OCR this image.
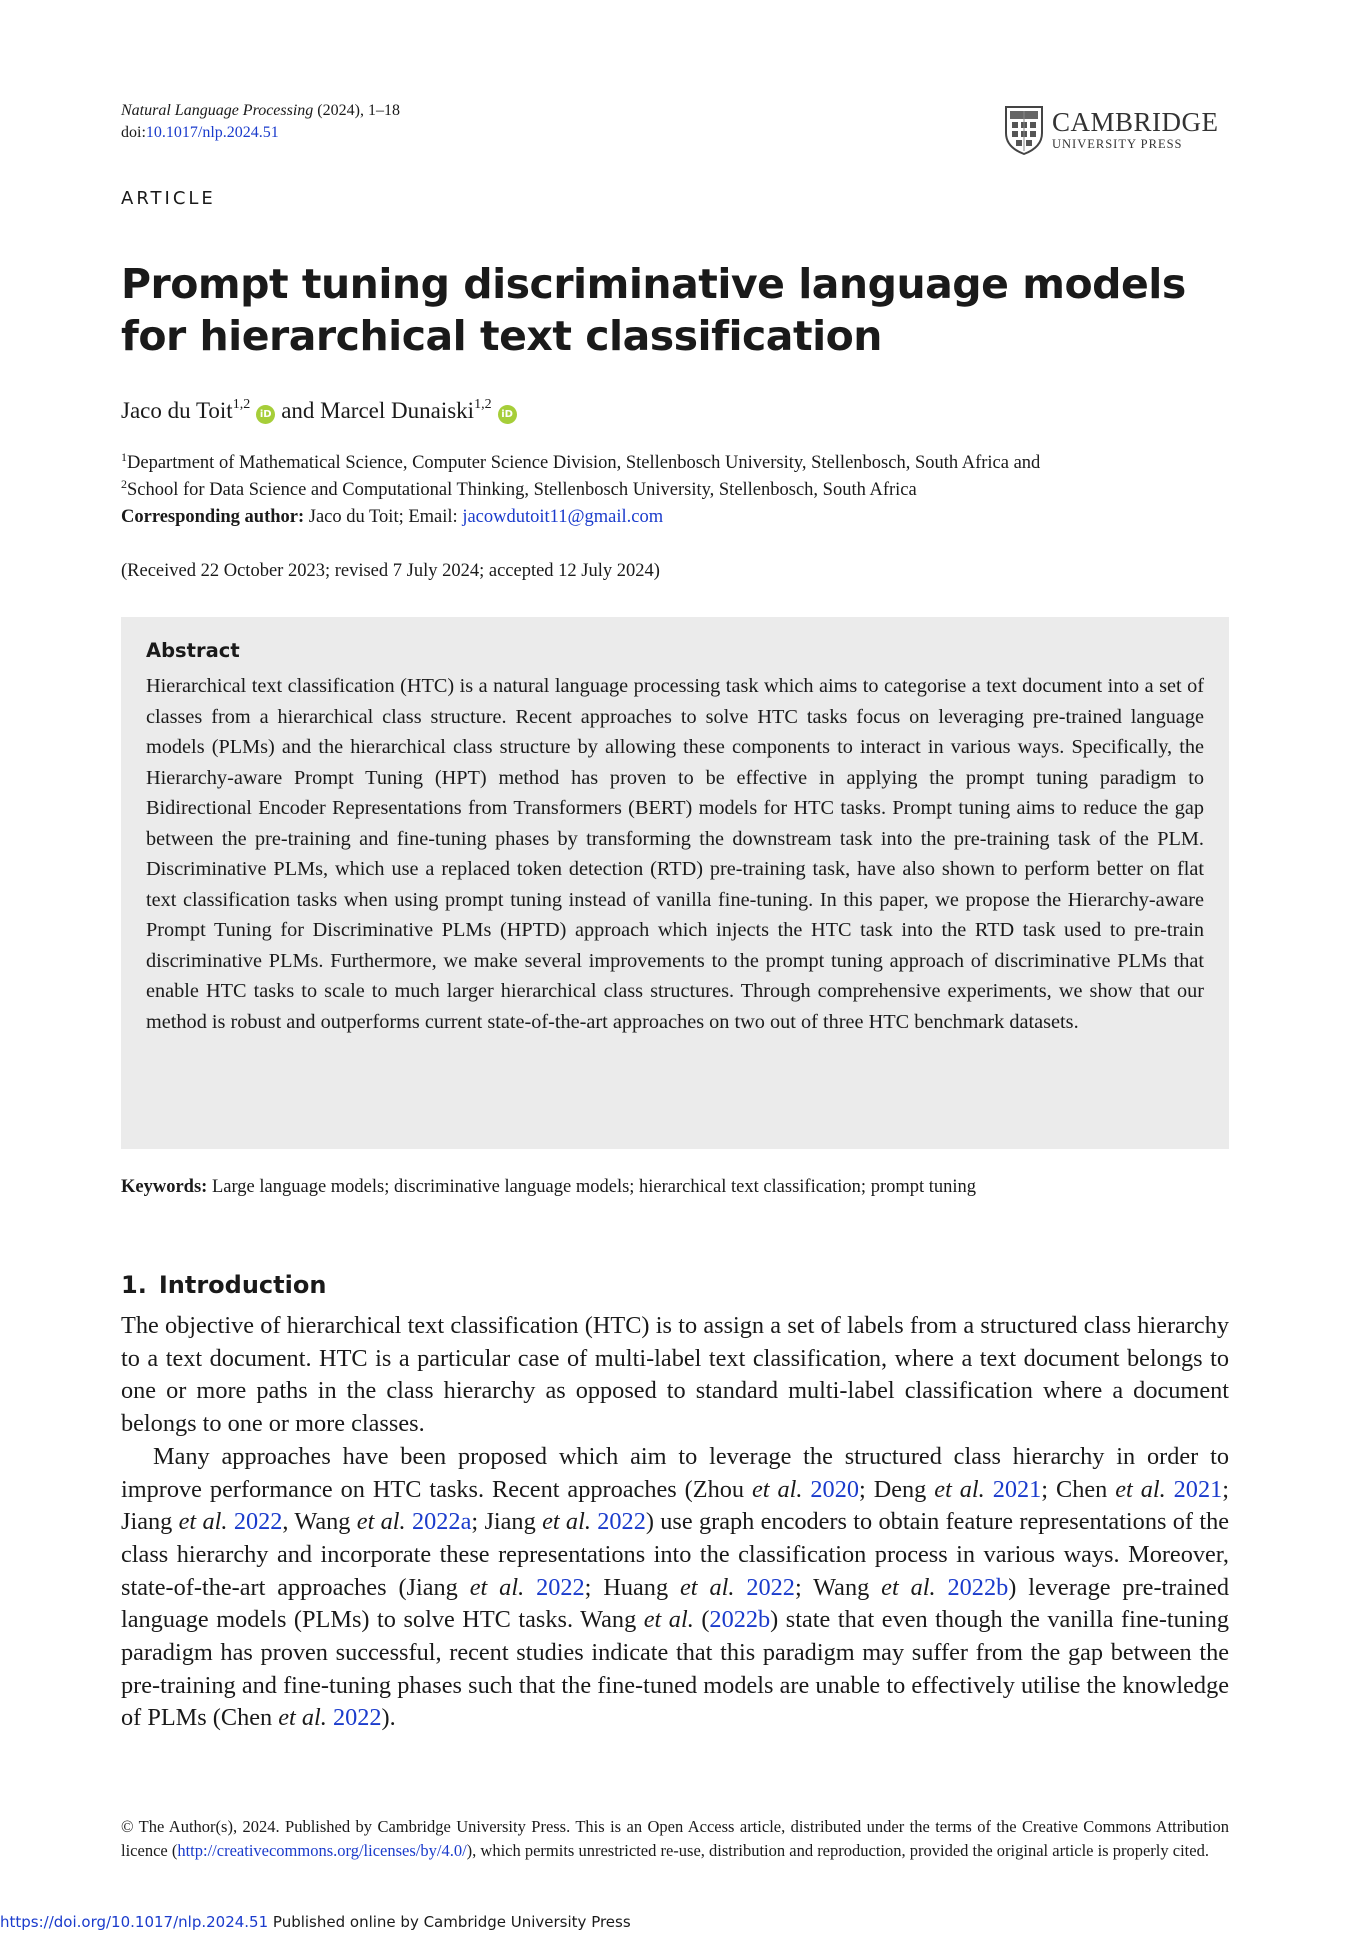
Natural Language Processing (2024), 1–18
doi:10.1017/nlp.2024.51	CAMBRIDGE
UNIVERSITY PRESS
ARTICLE
Prompt tuning discriminative language models for hierarchical text classification
Jaco du Toit$^{1,2}$iD and Marcel Dunaiski$^{1,2}$iD
$^1$Department of Mathematical Science, Computer Science Division, Stellenbosch University, Stellenbosch, South Africa and
$^2$School for Data Science and Computational Thinking, Stellenbosch University, Stellenbosch, South Africa
Corresponding author: Jaco du Toit; Email: jacowdutoit11@gmail.com
(Received 22 October 2023; revised 7 July 2024; accepted 12 July 2024)
Abstract

Hierarchical text classification (HTC) is a natural language processing task which aims to categorise a text document into a set of classes from a hierarchical class structure. Recent approaches to solve HTC tasks focus on leveraging pre-trained language models (PLMs) and the hierarchical class structure by allowing these components to interact in various ways. Specifically, the Hierarchy-aware Prompt Tuning (HPT) method has proven to be effective in applying the prompt tuning paradigm to Bidirectional Encoder Representations from Transformers (BERT) models for HTC tasks. Prompt tuning aims to reduce the gap between the pre-training and fine-tuning phases by transforming the downstream task into the pre-training task of the PLM. Discriminative PLMs, which use a replaced token detection (RTD) pre-training task, have also shown to perform better on flat text classification tasks when using prompt tuning instead of vanilla fine-tuning. In this paper, we propose the Hierarchy-aware Prompt Tuning for Discriminative PLMs (HPTD) approach which injects the HTC task into the RTD task used to pre-train discriminative PLMs. Furthermore, we make several improvements to the prompt tuning approach of discriminative PLMs that enable HTC tasks to scale to much larger hierarchical class structures. Through comprehensive experiments, we show that our method is robust and outperforms current state-of-the-art approaches on two out of three HTC benchmark datasets.

Keywords: Large language models; discriminative language models; hierarchical text classification; prompt tuning
1. Introduction

The objective of hierarchical text classification (HTC) is to assign a set of labels from a structured class hierarchy to a text document. HTC is a particular case of multi-label text classification, where a text document belongs to one or more paths in the class hierarchy as opposed to standard multi-label classification where a document belongs to one or more classes.

Many approaches have been proposed which aim to leverage the structured class hierarchy in order to improve performance on HTC tasks. Recent approaches (Zhou et al. 2020; Deng et al. 2021; Chen et al. 2021; Jiang et al. 2022, Wang et al. 2022a; Jiang et al. 2022) use graph encoders to obtain feature representations of the class hierarchy and incorporate these representations into the classification process in various ways. Moreover, state-of-the-art approaches (Jiang et al. 2022; Huang et al. 2022; Wang et al. 2022b) leverage pre-trained language models (PLMs) to solve HTC tasks. Wang et al. (2022b) state that even though the vanilla fine-tuning paradigm has proven successful, recent studies indicate that this paradigm may suffer from the gap between the pre-training and fine-tuning phases such that the fine-tuned models are unable to effectively utilise the knowledge of PLMs (Chen et al. 2022).

© The Author(s), 2024. Published by Cambridge University Press. This is an Open Access article, distributed under the terms of the Creative Commons Attribution licence (http://creativecommons.org/licenses/by/4.0/), which permits unrestricted re-use, distribution and reproduction, provided the original article is properly cited.

https://doi.org/10.1017/nlp.2024.51 Published online by Cambridge University Press
